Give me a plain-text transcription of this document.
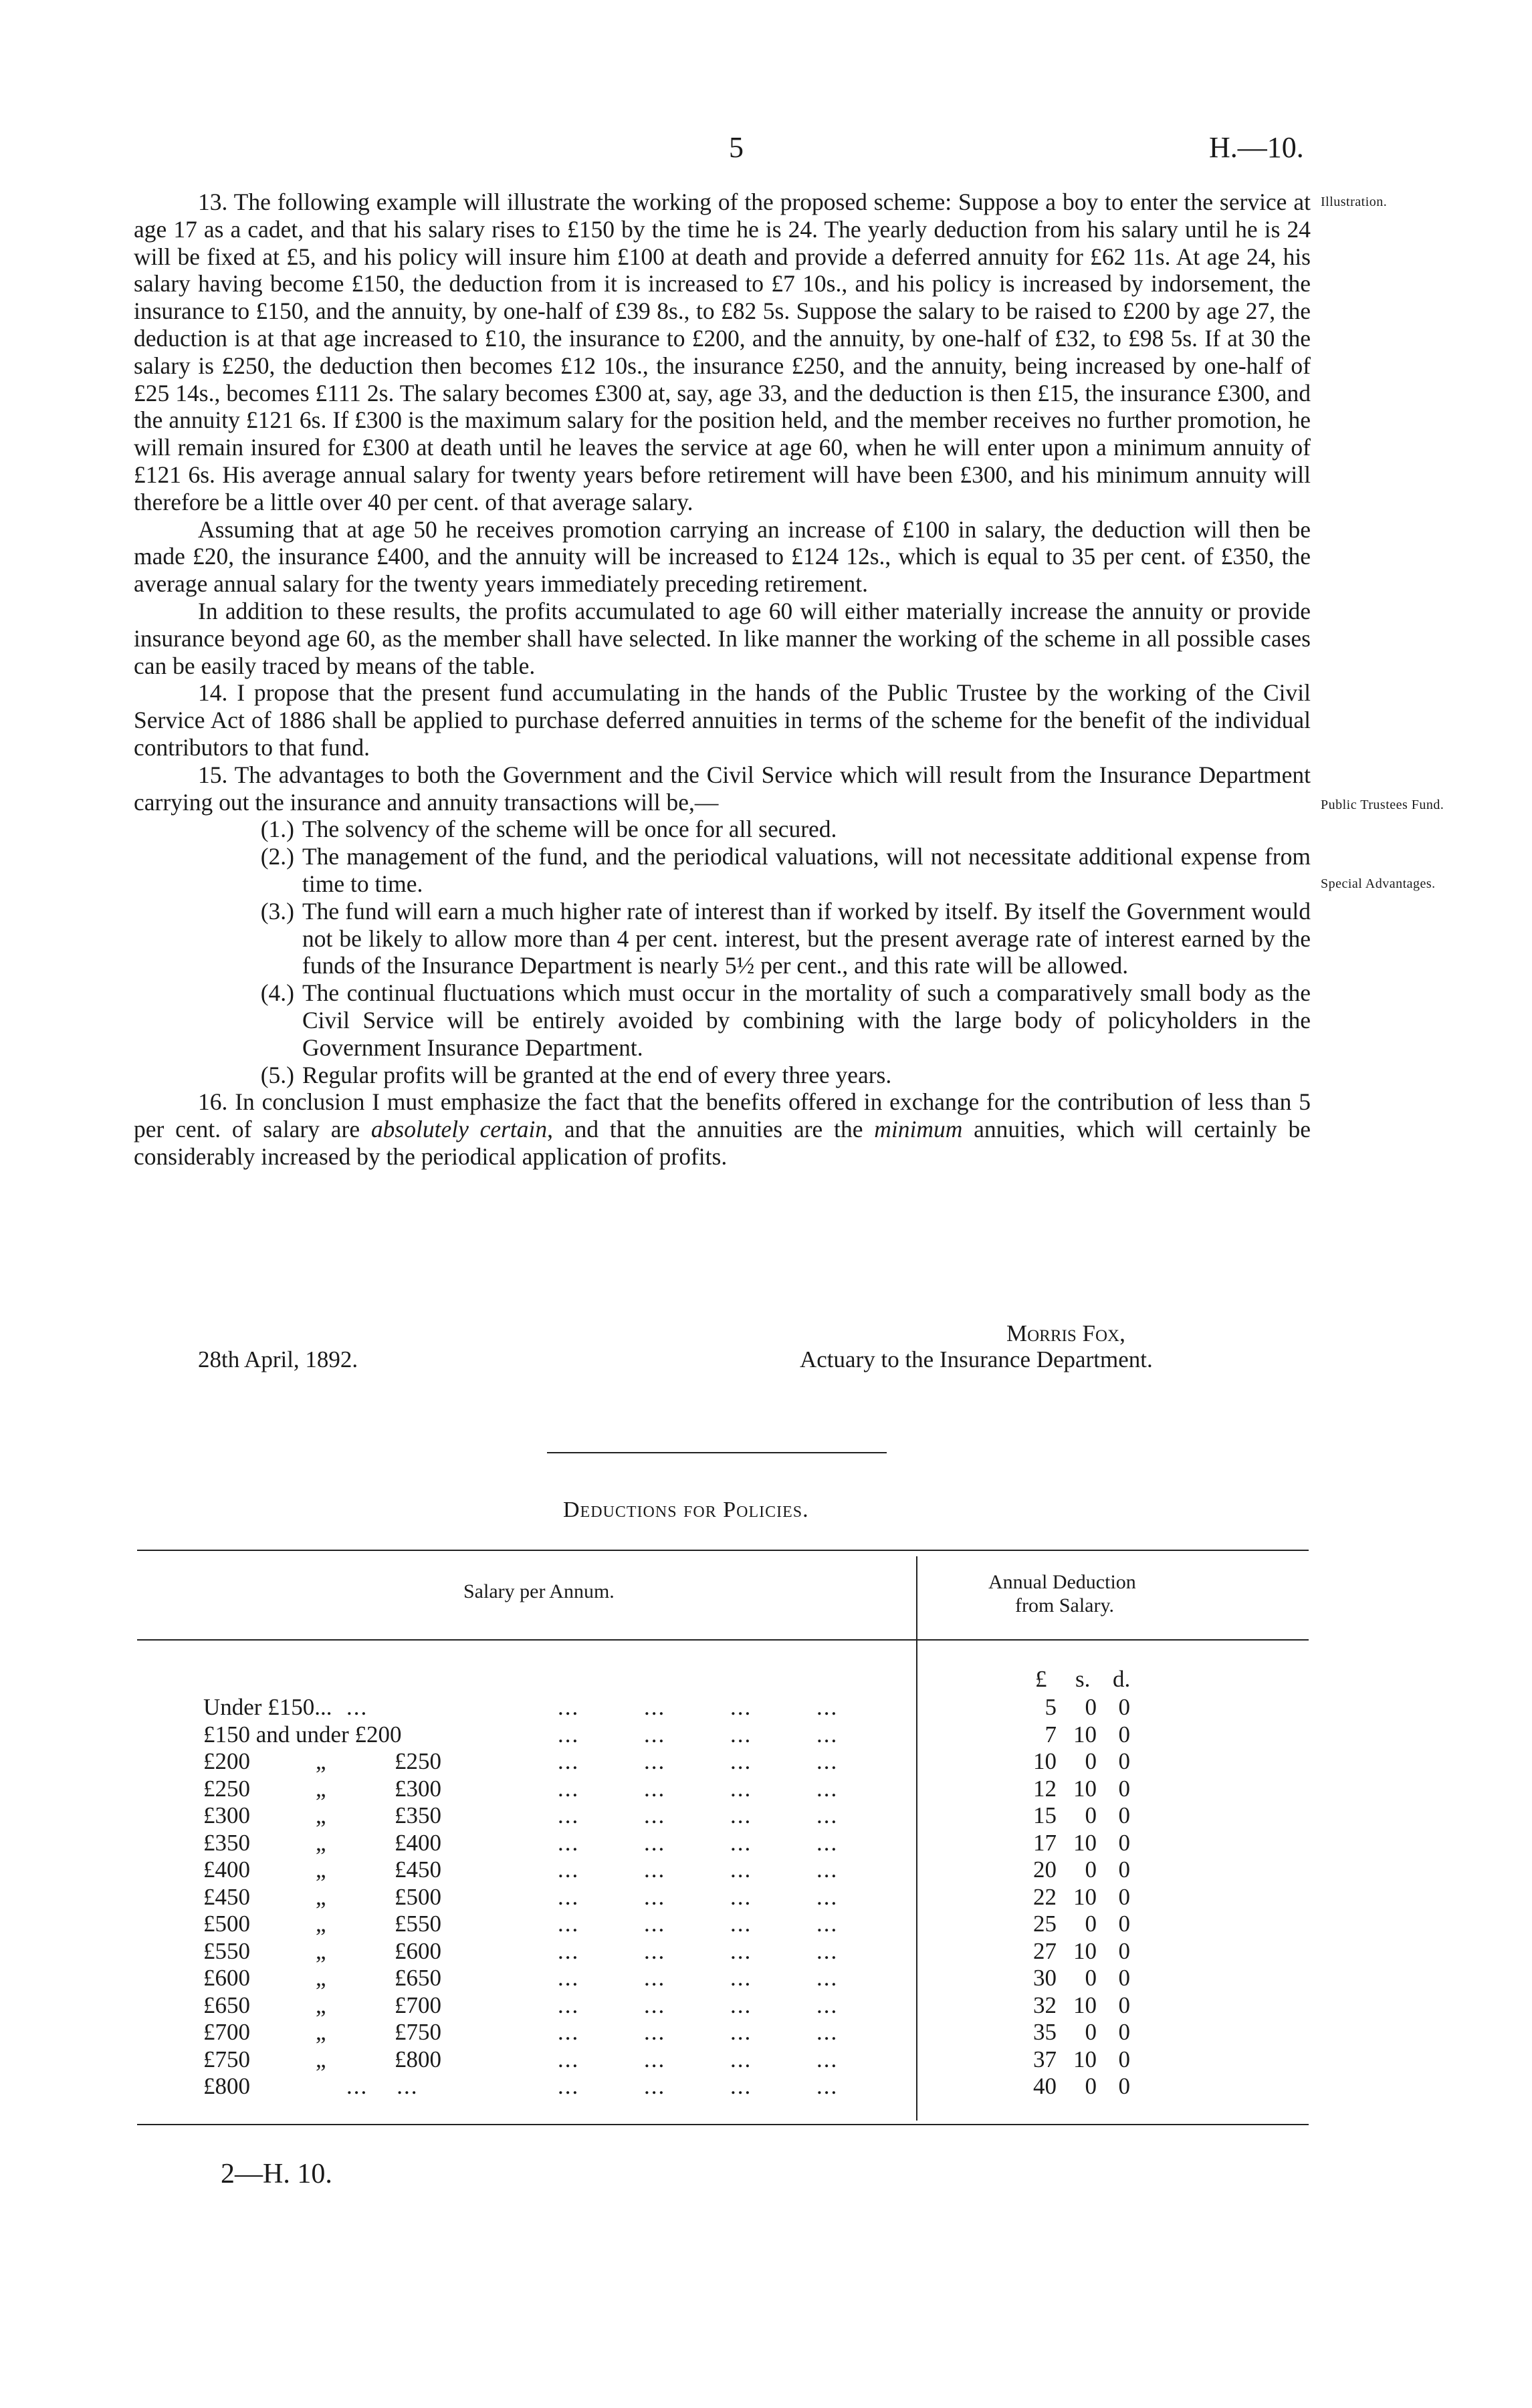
5	H.—10.
Illustration.
Public Trustees Fund.
Special Advantages.

13. The following example will illustrate the working of the proposed scheme: Suppose a boy to enter the service at age 17 as a cadet, and that his salary rises to £150 by the time he is 24. The yearly deduction from his salary until he is 24 will be fixed at £5, and his policy will insure him £100 at death and provide a deferred annuity for £62 11s. At age 24, his salary having become £150, the deduction from it is increased to £7 10s., and his policy is increased by indorsement, the insurance to £150, and the annuity, by one-half of £39 8s., to £82 5s. Suppose the salary to be raised to £200 by age 27, the deduction is at that age increased to £10, the insurance to £200, and the annuity, by one-half of £32, to £98 5s. If at 30 the salary is £250, the deduction then becomes £12 10s., the insurance £250, and the annuity, being increased by one-half of £25 14s., becomes £111 2s. The salary becomes £300 at, say, age 33, and the deduction is then £15, the insurance £300, and the annuity £121 6s. If £300 is the maximum salary for the position held, and the member receives no further promotion, he will remain insured for £300 at death until he leaves the service at age 60, when he will enter upon a minimum annuity of £121 6s. His average annual salary for twenty years before retirement will have been £300, and his minimum annuity will therefore be a little over 40 per cent. of that average salary.

Assuming that at age 50 he receives promotion carrying an increase of £100 in salary, the deduction will then be made £20, the insurance £400, and the annuity will be increased to £124 12s., which is equal to 35 per cent. of £350, the average annual salary for the twenty years immediately preceding retirement.

In addition to these results, the profits accumulated to age 60 will either materially increase the annuity or provide insurance beyond age 60, as the member shall have selected. In like manner the working of the scheme in all possible cases can be easily traced by means of the table.

14. I propose that the present fund accumulating in the hands of the Public Trustee by the working of the Civil Service Act of 1886 shall be applied to purchase deferred annuities in terms of the scheme for the benefit of the individual contributors to that fund.

15. The advantages to both the Government and the Civil Service which will result from the Insurance Department carrying out the insurance and annuity transactions will be,—

(1.) The solvency of the scheme will be once for all secured.
(2.) The management of the fund, and the periodical valuations, will not necessitate additional expense from time to time.
(3.) The fund will earn a much higher rate of interest than if worked by itself. By itself the Government would not be likely to allow more than 4 per cent. interest, but the present average rate of interest earned by the funds of the Insurance Department is nearly 5½ per cent., and this rate will be allowed.
(4.) The continual fluctuations which must occur in the mortality of such a comparatively small body as the Civil Service will be entirely avoided by combining with the large body of policyholders in the Government Insurance Department.
(5.) Regular profits will be granted at the end of every three years.

16. In conclusion I must emphasize the fact that the benefits offered in exchange for the contribution of less than 5 per cent. of salary are absolutely certain, and that the annuities are the minimum annuities, which will certainly be considerably increased by the periodical application of profits.

Morris Fox,
28th April, 1892.	Actuary to the Insurance Department.
Deductions for Policies.
Salary per Annum.	Annual Deduction
from Salary.
£ s. d.
Under £150... ...	...         ...         ...         ...	5	0 0
£150 and under £200	...         ...         ...         ...	7 10 0
£200	„	£250	...         ...         ...         ...	10	0 0
£250	„	£300	...         ...         ...         ...	12 10 0
£300	„	£350	...         ...         ...         ...	15	0 0
£350	„	£400	...         ...         ...         ...	17 10 0
£400	„	£450	...         ...         ...         ...	20	0 0
£450	„	£500	...         ...         ...         ...	22 10 0
£500	„	£550	...         ...         ...         ...	25	0 0
£550	„	£600	...         ...         ...         ...	27 10 0
£600	„	£650	...         ...         ...         ...	30	0 0
£650	„	£700	...         ...         ...         ...	32 10 0
£700	„	£750	...         ...         ...         ...	35	0 0
£750	„	£800	...         ...         ...         ...	37 10 0
£800	...    ...	...         ...         ...         ...	40	0 0
2—H. 10.
